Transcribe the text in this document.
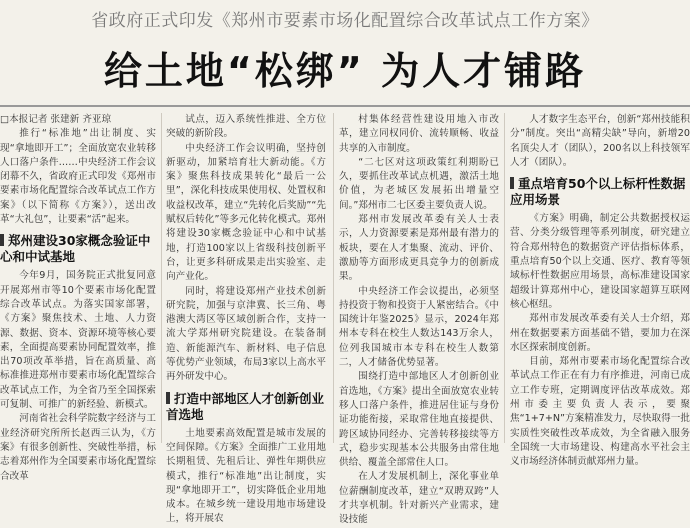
省政府正式印发《郑州市要素市场化配置综合改革试点工作方案》
给土地“松绑” 为人才铺路

□本报记者 张建新 齐亚琼

推行“标准地”出让制度、实现“拿地即开工”；全面放宽农业转移人口落户条件……中央经济工作会议闭幕不久，省政府正式印发《郑州市要素市场化配置综合改革试点工作方案》（以下简称《方案》），送出改革“大礼包”，让要素“活”起来。

郑州建设30家概念验证中心和中试基地

今年9月，国务院正式批复同意开展郑州市等10个要素市场化配置综合改革试点。为落实国家部署，《方案》聚焦技术、土地、人力资源、数据、资本、资源环境等核心要素，全面提高要素协同配置效率，推出70项改革举措，旨在高质量、高标准推进郑州市要素市场化配置综合改革试点工作，为全省乃至全国探索可复制、可推广的新经验、新模式。

河南省社会科学院数字经济与工业经济研究所所长赵西三认为，《方案》有很多创新性、突破性举措，标志着郑州作为全国要素市场化配置综合改革

试点，迈入系统性推进、全方位突破的新阶段。

中央经济工作会议明确，坚持创新驱动，加紧培育壮大新动能。《方案》聚焦科技成果转化“最后一公里”，深化科技成果使用权、处置权和收益权改革，建立“先转化后奖励”“先赋权后转化”等多元化转化模式。郑州将建设30家概念验证中心和中试基地，打造100家以上省级科技创新平台，让更多科研成果走出实验室、走向产业化。

同时，将建设郑州产业技术创新研究院，加强与京津冀、长三角、粤港澳大湾区等区域创新合作，支持一流大学郑州研究院建设。在装备制造、新能源汽车、新材料、电子信息等优势产业领域，布局3家以上高水平再外研发中心。

打造中部地区人才创新创业首选地

土地要素高效配置是城市发展的空间保障。《方案》全面推广工业用地长期租赁、先租后让、弹性年期供应模式，推行“标准地”出让制度，实现“拿地即开工”，切实降低企业用地成本。在城乡统一建设用地市场建设上，将开展农

村集体经营性建设用地入市改革，建立同权同价、流转顺畅、收益共享的入市制度。

“二七区对这项政策红利期盼已久，要抓住改革试点机遇，激活土地价值，为老城区发展拓出增量空间。”郑州市二七区委主要负责人说。

郑州市发展改革委有关人士表示，人力资源要素是郑州最有潜力的板块，要在人才集聚、流动、评价、激励等方面形成更具竞争力的创新成果。

中央经济工作会议提出，必须坚持投资于物和投资于人紧密结合。《中国统计年鉴2025》显示，2024年郑州本专科在校生人数达143万余人，位列我国城市本专科在校生人数第二，人才储备优势显著。

围绕打造中部地区人才创新创业首选地，《方案》提出全面放宽农业转移人口落户条件，推进居住证与身份证功能衔接，采取常住地直接提供、跨区域协同经办、完善转移接续等方式，稳步实现基本公共服务由常住地供给、覆盖全部常住人口。

在人才发展机制上，深化事业单位薪酬制度改革，建立“双聘双跨”人才共享机制。针对新兴产业需求，建设技能

人才数字生态平台，创新“郑州技能积分”制度。突出“高精尖缺”导向，新增20名顶尖人才（团队），200名以上科技领军人才（团队）。

重点培育50个以上标杆性数据应用场景

《方案》明确，制定公共数据授权运营、分类分级管理等系列制度，研究建立符合郑州特色的数据资产评估指标体系，重点培育50个以上交通、医疗、教育等领域标杆性数据应用场景，高标准建设国家超级计算郑州中心，建设国家超算互联网核心枢纽。

郑州市发展改革委有关人士介绍，郑州在数据要素方面基础不错，要加力在深水区探索制度创新。

目前，郑州市要素市场化配置综合改革试点工作正在有力有序推进，河南已成立工作专班，定期调度评估改革成效。郑州市委主要负责人表示，要聚焦“1+7+N”方案精准发力，尽快取得一批实质性突破性改革成效，为全省融入服务全国统一大市场建设、构建高水平社会主义市场经济体制贡献郑州力量。
